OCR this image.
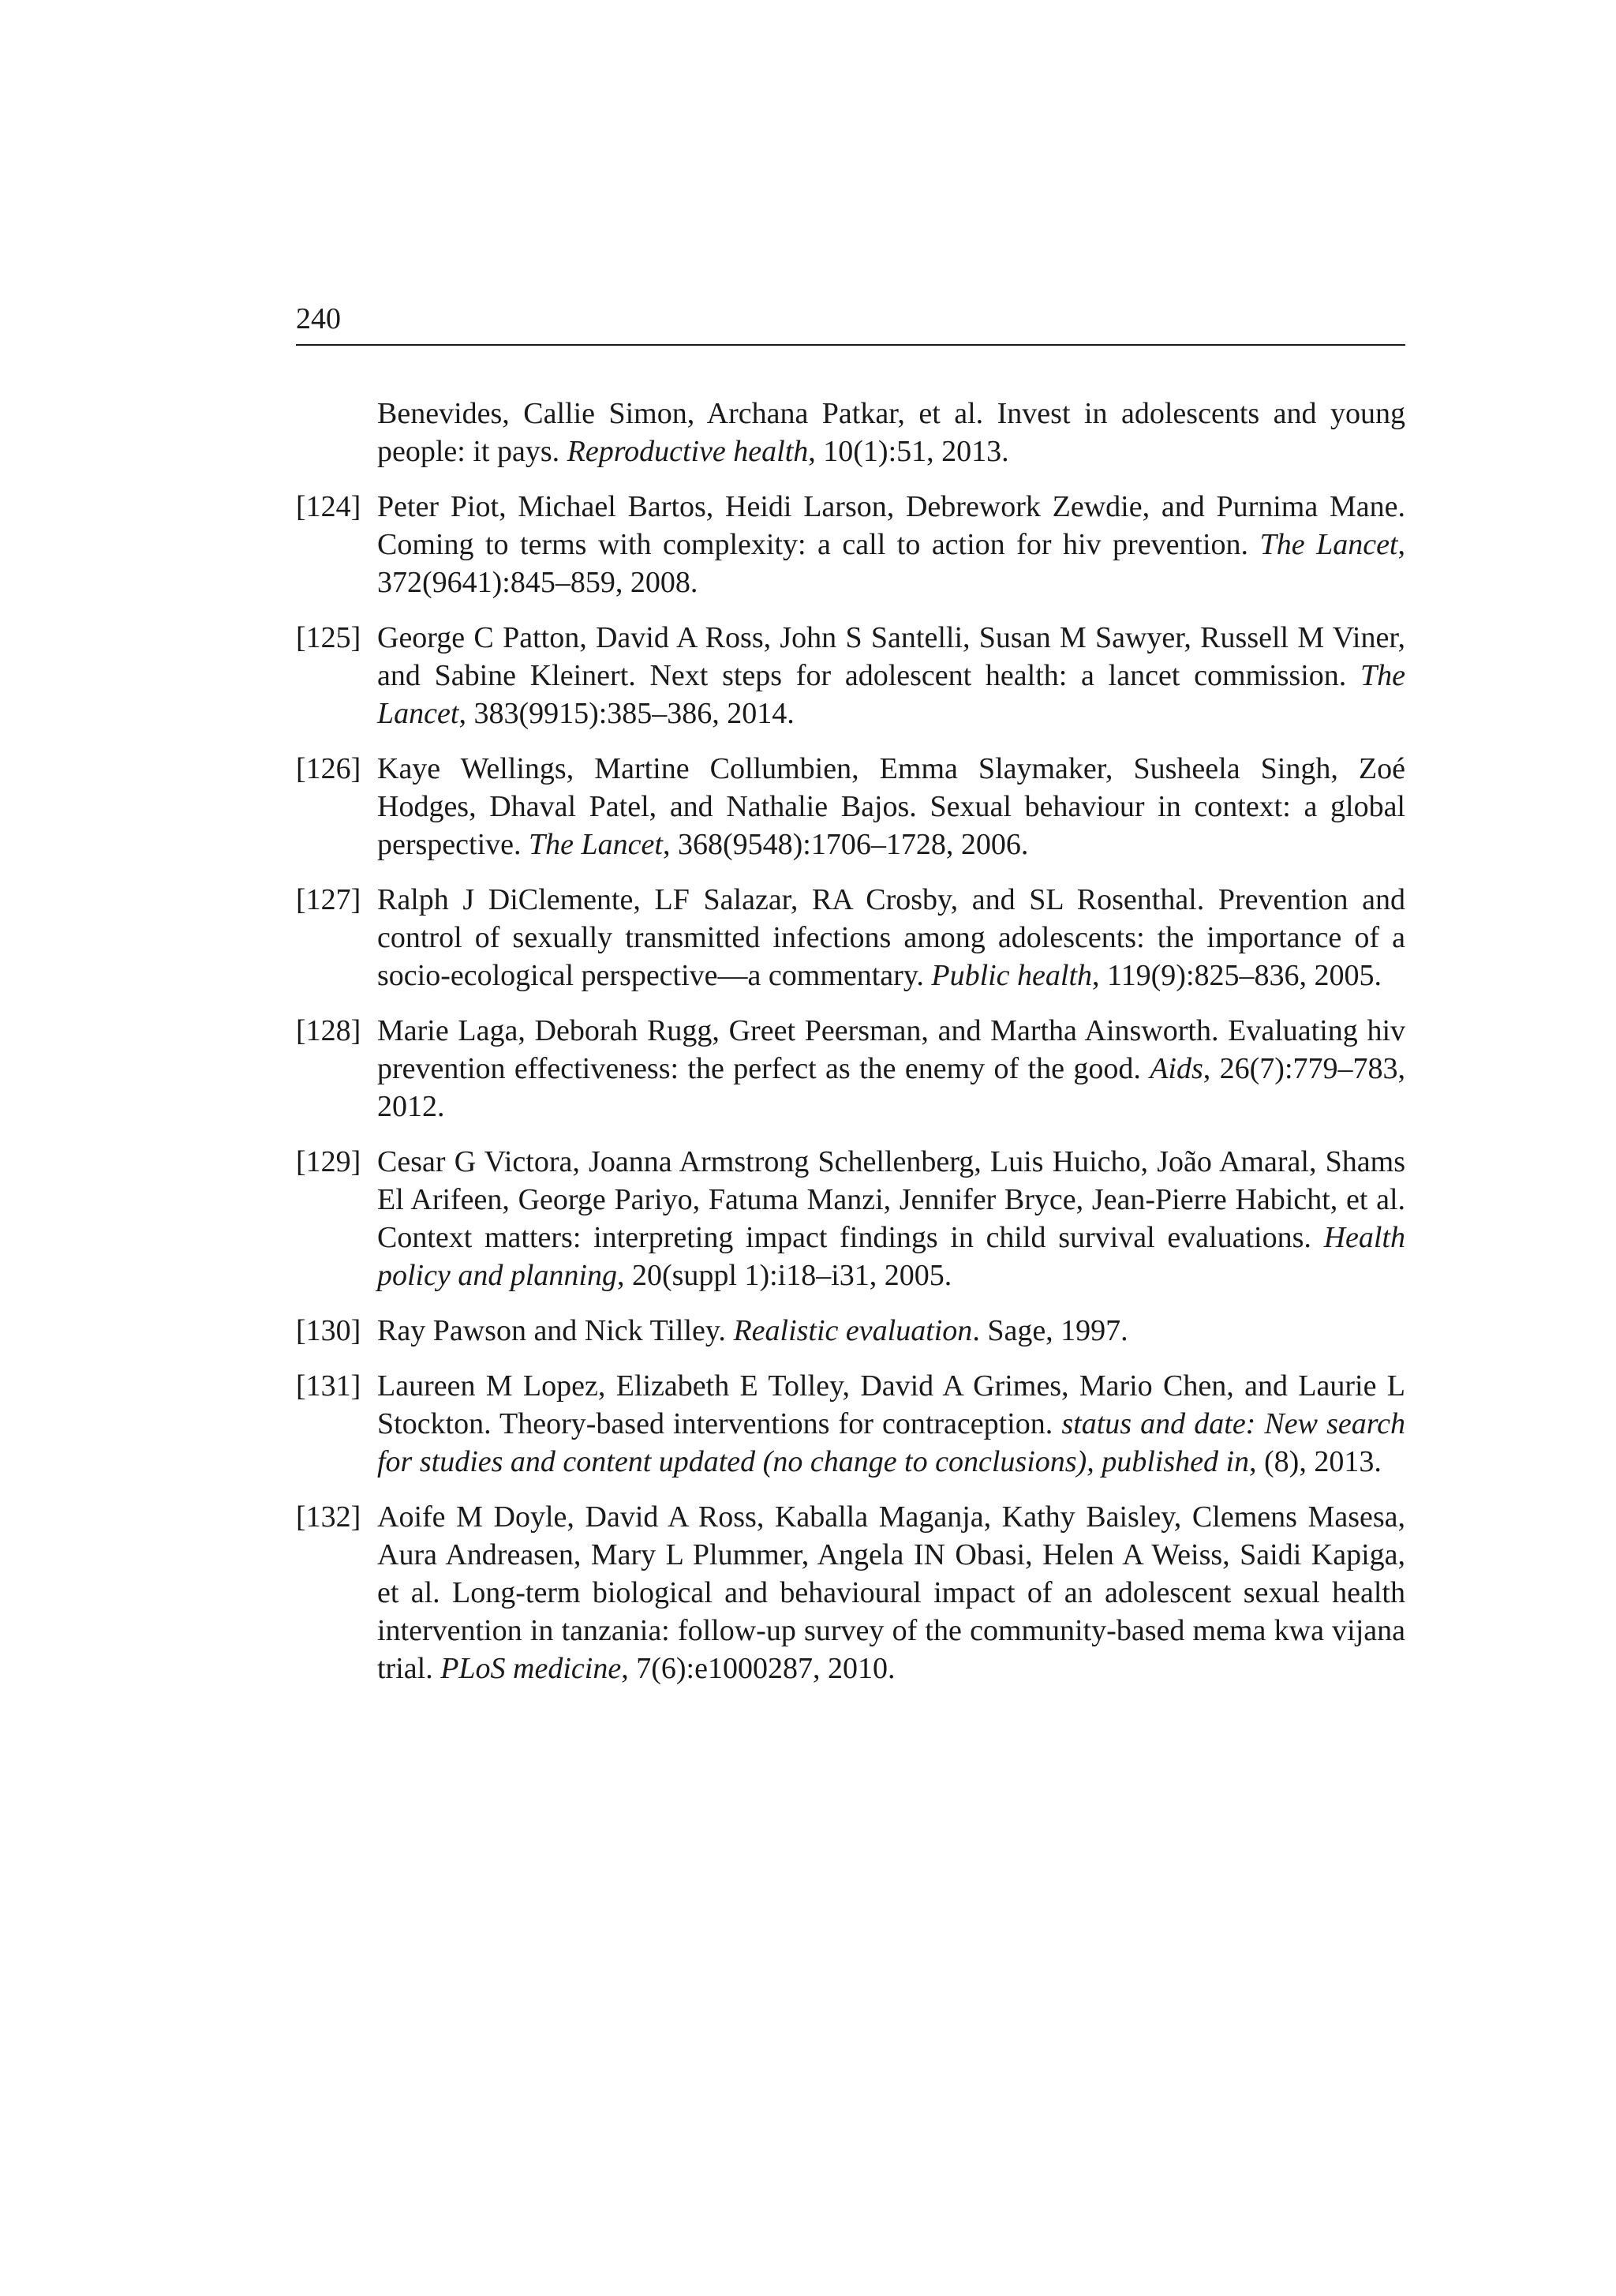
240
Benevides, Callie Simon, Archana Patkar, et al. Invest in adolescents and young people: it pays. Reproductive health, 10(1):51, 2013.
[124] Peter Piot, Michael Bartos, Heidi Larson, Debrework Zewdie, and Purnima Mane. Coming to terms with complexity: a call to action for hiv prevention. The Lancet, 372(9641):845–859, 2008.
[125] George C Patton, David A Ross, John S Santelli, Susan M Sawyer, Russell M Viner, and Sabine Kleinert. Next steps for adolescent health: a lancet commission. The Lancet, 383(9915):385–386, 2014.
[126] Kaye Wellings, Martine Collumbien, Emma Slaymaker, Susheela Singh, Zoé Hodges, Dhaval Patel, and Nathalie Bajos. Sexual behaviour in context: a global perspective. The Lancet, 368(9548):1706–1728, 2006.
[127] Ralph J DiClemente, LF Salazar, RA Crosby, and SL Rosenthal. Prevention and control of sexually transmitted infections among adolescents: the importance of a socio-ecological perspective—a commentary. Public health, 119(9):825–836, 2005.
[128] Marie Laga, Deborah Rugg, Greet Peersman, and Martha Ainsworth. Evaluating hiv prevention effectiveness: the perfect as the enemy of the good. Aids, 26(7):779–783, 2012.
[129] Cesar G Victora, Joanna Armstrong Schellenberg, Luis Huicho, João Amaral, Shams El Arifeen, George Pariyo, Fatuma Manzi, Jennifer Bryce, Jean-Pierre Habicht, et al. Context matters: interpreting impact findings in child survival evaluations. Health policy and planning, 20(suppl 1):i18–i31, 2005.
[130] Ray Pawson and Nick Tilley. Realistic evaluation. Sage, 1997.
[131] Laureen M Lopez, Elizabeth E Tolley, David A Grimes, Mario Chen, and Laurie L Stockton. Theory-based interventions for contraception. status and date: New search for studies and content updated (no change to conclusions), published in, (8), 2013.
[132] Aoife M Doyle, David A Ross, Kaballa Maganja, Kathy Baisley, Clemens Masesa, Aura Andreasen, Mary L Plummer, Angela IN Obasi, Helen A Weiss, Saidi Kapiga, et al. Long-term biological and behavioural impact of an adolescent sexual health intervention in tanzania: follow-up survey of the community-based mema kwa vijana trial. PLoS medicine, 7(6):e1000287, 2010.
